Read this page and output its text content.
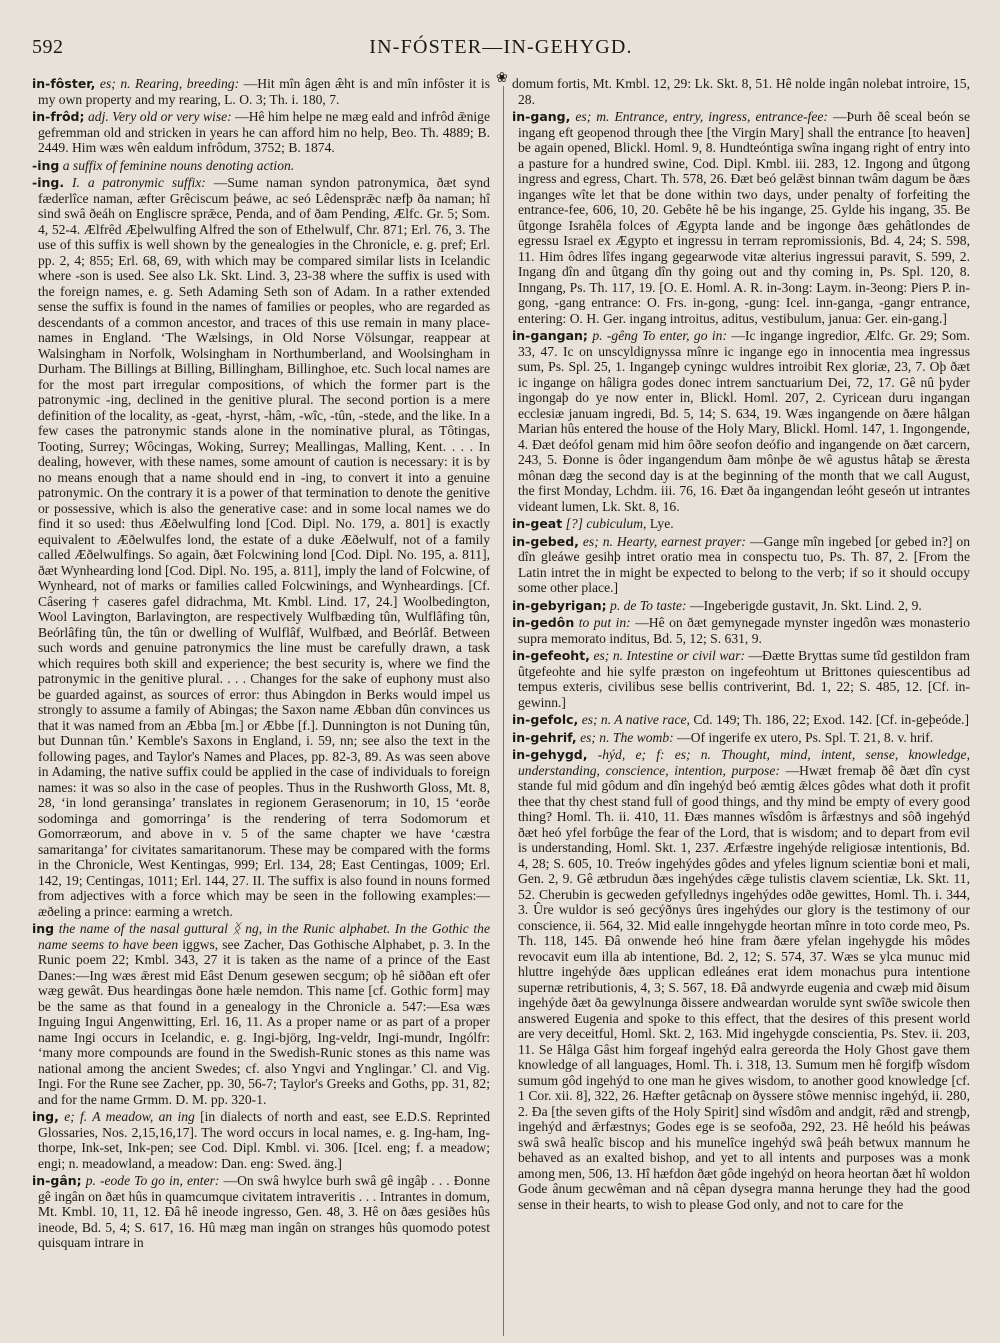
592	IN-FÓSTER—IN-GEHYGD.
❀

in-fôster, es; n. Rearing, breeding: —Hit mîn âgen æ̂ht is and mîn infôster it is my own property and my rearing, L. O. 3; Th. i. 180, 7.

in-frôd; adj. Very old or very wise: —Hê him helpe ne mæg eald and infrôd ǣnige gefremman old and stricken in years he can afford him no help, Beo. Th. 4889; B. 2449. Him wæs wên ealdum infrôdum, 3752; B. 1874.

-ing a suffix of feminine nouns denoting action.

-ing. I. a patronymic suffix: —Sume naman syndon patronymica, ðæt synd fæderlîce naman, æfter Grêciscum þeáwe, ac seó Lêdensprǣc næfþ ða naman; hî sind swâ ðeáh on Engliscre sprǣce, Penda, and of ðam Pending, Ælfc. Gr. 5; Som. 4, 52-4. Ælfrêd Æþelwulfing Alfred the son of Ethelwulf, Chr. 871; Erl. 76, 3. The use of this suffix is well shown by the genealogies in the Chronicle, e. g. pref; Erl. pp. 2, 4; 855; Erl. 68, 69, with which may be compared similar lists in Icelandic where -son is used. See also Lk. Skt. Lind. 3, 23-38 where the suffix is used with the foreign names, e. g. Seth Adaming Seth son of Adam. In a rather extended sense the suffix is found in the names of families or peoples, who are regarded as descendants of a common ancestor, and traces of this use remain in many place-names in England. ‘The Wælsings, in Old Norse Völsungar, reappear at Walsingham in Norfolk, Wolsingham in Northumberland, and Woolsingham in Durham. The Billings at Billing, Billingham, Billinghoe, etc. Such local names are for the most part irregular compositions, of which the former part is the patronymic -ing, declined in the genitive plural. The second portion is a mere definition of the locality, as -geat, -hyrst, -hâm, -wîc, -tûn, -stede, and the like. In a few cases the patronymic stands alone in the nominative plural, as Tôtingas, Tooting, Surrey; Wôcingas, Woking, Surrey; Meallingas, Malling, Kent. . . . In dealing, however, with these names, some amount of caution is necessary: it is by no means enough that a name should end in -ing, to convert it into a genuine patronymic. On the contrary it is a power of that termination to denote the genitive or possessive, which is also the generative case: and in some local names we do find it so used: thus Æðelwulfing lond [Cod. Dipl. No. 179, a. 801] is exactly equivalent to Æðelwulfes lond, the estate of a duke Æðelwulf, not of a family called Æðelwulfings. So again, ðæt Folcwining lond [Cod. Dipl. No. 195, a. 811], ðæt Wynhearding lond [Cod. Dipl. No. 195, a. 811], imply the land of Folcwine, of Wynheard, not of marks or families called Folcwinings, and Wynheardings. [Cf. Câsering † caseres gafel didrachma, Mt. Kmbl. Lind. 17, 24.] Woolbedington, Wool Lavington, Barlavington, are respectively Wulfbæding tûn, Wulflâfing tûn, Beórlâfing tûn, the tûn or dwelling of Wulflâf, Wulfbæd, and Beórlâf. Between such words and genuine patronymics the line must be carefully drawn, a task which requires both skill and experience; the best security is, where we find the patronymic in the genitive plural. . . . Changes for the sake of euphony must also be guarded against, as sources of error: thus Abingdon in Berks would impel us strongly to assume a family of Abingas; the Saxon name Æbban dûn convinces us that it was named from an Æbba [m.] or Æbbe [f.]. Dunnington is not Duning tûn, but Dunnan tûn.’ Kemble's Saxons in England, i. 59, nn; see also the text in the following pages, and Taylor's Names and Places, pp. 82-3, 89. As was seen above in Adaming, the native suffix could be applied in the case of individuals to foreign names: it was so also in the case of peoples. Thus in the Rushworth Gloss, Mt. 8, 28, ‘in lond geransinga’ translates in regionem Gerasenorum; in 10, 15 ‘eorðe sodominga and gomorringa’ is the rendering of terra Sodomorum et Gomorræorum, and above in v. 5 of the same chapter we have ‘cæstra samaritanga’ for civitates samaritanorum. These may be compared with the forms in the Chronicle, West Kentingas, 999; Erl. 134, 28; East Centingas, 1009; Erl. 142, 19; Centingas, 1011; Erl. 144, 27. II. The suffix is also found in nouns formed from adjectives with a force which may be seen in the following examples:—æðeling a prince: earming a wretch.

ing the name of the nasal guttural ᛝ ng, in the Runic alphabet. In the Gothic the name seems to have been iggws, see Zacher, Das Gothische Alphabet, p. 3. In the Runic poem 22; Kmbl. 343, 27 it is taken as the name of a prince of the East Danes:—Ing wæs ǣrest mid Eâst Denum gesewen secgum; oþ hê siððan eft ofer wæg gewât. Ðus heardingas ðone hæle nemdon. This name [cf. Gothic form] may be the same as that found in a genealogy in the Chronicle a. 547:—Esa wæs Inguing Ingui Angenwitting, Erl. 16, 11. As a proper name or as part of a proper name Ingi occurs in Icelandic, e. g. Ingi-björg, Ing-veldr, Ingi-mundr, Ingólfr: ‘many more compounds are found in the Swedish-Runic stones as this name was national among the ancient Swedes; cf. also Yngvi and Ynglingar.’ Cl. and Vig. Ingi. For the Rune see Zacher, pp. 30, 56-7; Taylor's Greeks and Goths, pp. 31, 82; and for the name Grmm. D. M. pp. 320-1.

ing, e; f. A meadow, an ing [in dialects of north and east, see E.D.S. Reprinted Glossaries, Nos. 2,15,16,17]. The word occurs in local names, e. g. Ing-ham, Ing-thorpe, Ink-set, Ink-pen; see Cod. Dipl. Kmbl. vi. 306. [Icel. eng; f. a meadow; engi; n. meadowland, a meadow: Dan. eng: Swed. äng.]

in-gân; p. -eode To go in, enter: —On swâ hwylce burh swâ gê ingâþ . . . Ðonne gê ingân on ðæt hûs in quamcumque civitatem intraveritis . . . Intrantes in domum, Mt. Kmbl. 10, 11, 12. Ðâ hê ineode ingresso, Gen. 48, 3. Hê on ðæs gesiðes hûs ineode, Bd. 5, 4; S. 617, 16. Hû mæg man ingân on stranges hûs quomodo potest quisquam intrare in

domum fortis, Mt. Kmbl. 12, 29: Lk. Skt. 8, 51. Hê nolde ingân nolebat introire, 15, 28.

in-gang, es; m. Entrance, entry, ingress, entrance-fee: —Þurh ðê sceal beón se ingang eft geopenod through thee [the Virgin Mary] shall the entrance [to heaven] be again opened, Blickl. Homl. 9, 8. Hundteóntiga swîna ingang right of entry into a pasture for a hundred swine, Cod. Dipl. Kmbl. iii. 283, 12. Ingong and ûtgong ingress and egress, Chart. Th. 578, 26. Ðæt beó gelǣst binnan twâm dagum be ðæs inganges wîte let that be done within two days, under penalty of forfeiting the entrance-fee, 606, 10, 20. Gebête hê be his ingange, 25. Gylde his ingang, 35. Be ûtgonge Israhêla folces of Ægypta lande and be ingonge ðæs gehâtlondes de egressu Israel ex Ægypto et ingressu in terram repromissionis, Bd. 4, 24; S. 598, 11. Him ôdres lîfes ingang gegearwode vitæ alterius ingressui paravit, S. 599, 2. Ingang dîn and ûtgang dîn thy going out and thy coming in, Ps. Spl. 120, 8. Inngang, Ps. Th. 117, 19. [O. E. Homl. A. R. in-3ong: Laym. in-3eong: Piers P. in-gong, -gang entrance: O. Frs. in-gong, -gung: Icel. inn-ganga, -gangr entrance, entering: O. H. Ger. ingang introitus, aditus, vestibulum, janua: Ger. ein-gang.]

in-gangan; p. -gêng To enter, go in: —Ic ingange ingredior, Ælfc. Gr. 29; Som. 33, 47. Ic on unscyldignyssa mînre ic ingange ego in innocentia mea ingressus sum, Ps. Spl. 25, 1. Ingangeþ cyningc wuldres introibit Rex gloriæ, 23, 7. Oþ ðæt ic ingange on hâligra godes donec intrem sanctuarium Dei, 72, 17. Gê nû þyder ingongaþ do ye now enter in, Blickl. Homl. 207, 2. Cyricean duru ingangan ecclesiæ januam ingredi, Bd. 5, 14; S. 634, 19. Wæs ingangende on ðære hâlgan Marian hûs entered the house of the Holy Mary, Blickl. Homl. 147, 1. Ingongende, 4. Ðæt deófol genam mid him ôðre seofon deófio and ingangende on ðæt carcern, 243, 5. Ðonne is ôder ingangendum ðam mônþe ðe wê agustus hâtaþ se ǣresta mônan dæg the second day is at the beginning of the month that we call August, the first Monday, Lchdm. iii. 76, 16. Ðæt ða ingangendan leóht geseón ut intrantes videant lumen, Lk. Skt. 8, 16.

in-geat [?] cubiculum, Lye.

in-gebed, es; n. Hearty, earnest prayer: —Gange mîn ingebed [or gebed in?] on dîn gleáwe gesihþ intret oratio mea in conspectu tuo, Ps. Th. 87, 2. [From the Latin intret the in might be expected to belong to the verb; if so it should occupy some other place.]

in-gebyrigan; p. de To taste: —Ingeberigde gustavit, Jn. Skt. Lind. 2, 9.

in-gedôn to put in: —Hê on ðæt gemynegade mynster ingedôn wæs monasterio supra memorato inditus, Bd. 5, 12; S. 631, 9.

in-gefeoht, es; n. Intestine or civil war: —Ðætte Bryttas sume tîd gestildon fram ûtgefeohte and hie sylfe præston on ingefeohtum ut Brittones quiescentibus ad tempus exteris, civilibus sese bellis contriverint, Bd. 1, 22; S. 485, 12. [Cf. in-gewinn.]

in-gefolc, es; n. A native race, Cd. 149; Th. 186, 22; Exod. 142. [Cf. in-geþeóde.]

in-gehrif, es; n. The womb: —Of ingerife ex utero, Ps. Spl. T. 21, 8. v. hrif.

in-gehygd, -hýd, e; f: es; n. Thought, mind, intent, sense, knowledge, understanding, conscience, intention, purpose: —Hwæt fremaþ ðê ðæt dîn cyst stande ful mid gôdum and dîn ingehýd beó æmtig ǣlces gôdes what doth it profit thee that thy chest stand full of good things, and thy mind be empty of every good thing? Homl. Th. ii. 410, 11. Ðæs mannes wîsdôm is ârfæstnys and sôð ingehýd ðæt heó yfel forbûge the fear of the Lord, that is wisdom; and to depart from evil is understanding, Homl. Skt. 1, 237. Ærfæstre ingehýde religiosæ intentionis, Bd. 4, 28; S. 605, 10. Treów ingehýdes gôdes and yfeles lignum scientiæ boni et mali, Gen. 2, 9. Gê ætbrudun ðæs ingehýdes cǣge tulistis clavem scientiæ, Lk. Skt. 11, 52. Cherubin is gecweden gefyllednys ingehýdes odðe gewittes, Homl. Th. i. 344, 3. Ûre wuldor is seó gecýðnys ûres ingehýdes our glory is the testimony of our conscience, ii. 564, 32. Mid ealle inngehygde heortan mînre in toto corde meo, Ps. Th. 118, 145. Ðâ onwende heó hine fram ðære yfelan ingehygde his môdes revocavit eum illa ab intentione, Bd. 2, 12; S. 574, 37. Wæs se ylca munuc mid hluttre ingehýde ðæs upplican edleánes erat idem monachus pura intentione supernæ retributionis, 4, 3; S. 567, 18. Ðâ andwyrde eugenia and cwæþ mid ðisum ingehýde ðæt ða gewylnunga ðissere andweardan woruldе synt swîðe swicole then answered Eugenia and spoke to this effect, that the desires of this present world are very deceitful, Homl. Skt. 2, 163. Mid ingehygde conscientia, Ps. Stev. ii. 203, 11. Se Hâlga Gâst him forgeaf ingehýd ealra gereorda the Holy Ghost gave them knowledge of all languages, Homl. Th. i. 318, 13. Sumum men hê forgifþ wîsdom sumum gôd ingehýd to one man he gives wisdom, to another good knowledge [cf. 1 Cor. xii. 8], 322, 26. Hæfter getâcnaþ on ðyssere stôwe mennisc ingehýd, ii. 280, 2. Ða [the seven gifts of the Holy Spirit] sind wîsdôm and andgit, rǣd and strengþ, ingehýd and ǣrfæstnys; Godes ege is se seofoða, 292, 23. Hê heóld his þeáwas swâ swâ healîc biscop and his munelîce ingehýd swâ þeáh betwux mannum he behaved as an exalted bishop, and yet to all intents and purposes was a monk among men, 506, 13. Hî hæfdon ðæt gôde ingehýd on heora heortan ðæt hî woldon Gode ânum gecwêman and nâ cêpan dysegra manna herunge they had the good sense in their hearts, to wish to please God only, and not to care for the
